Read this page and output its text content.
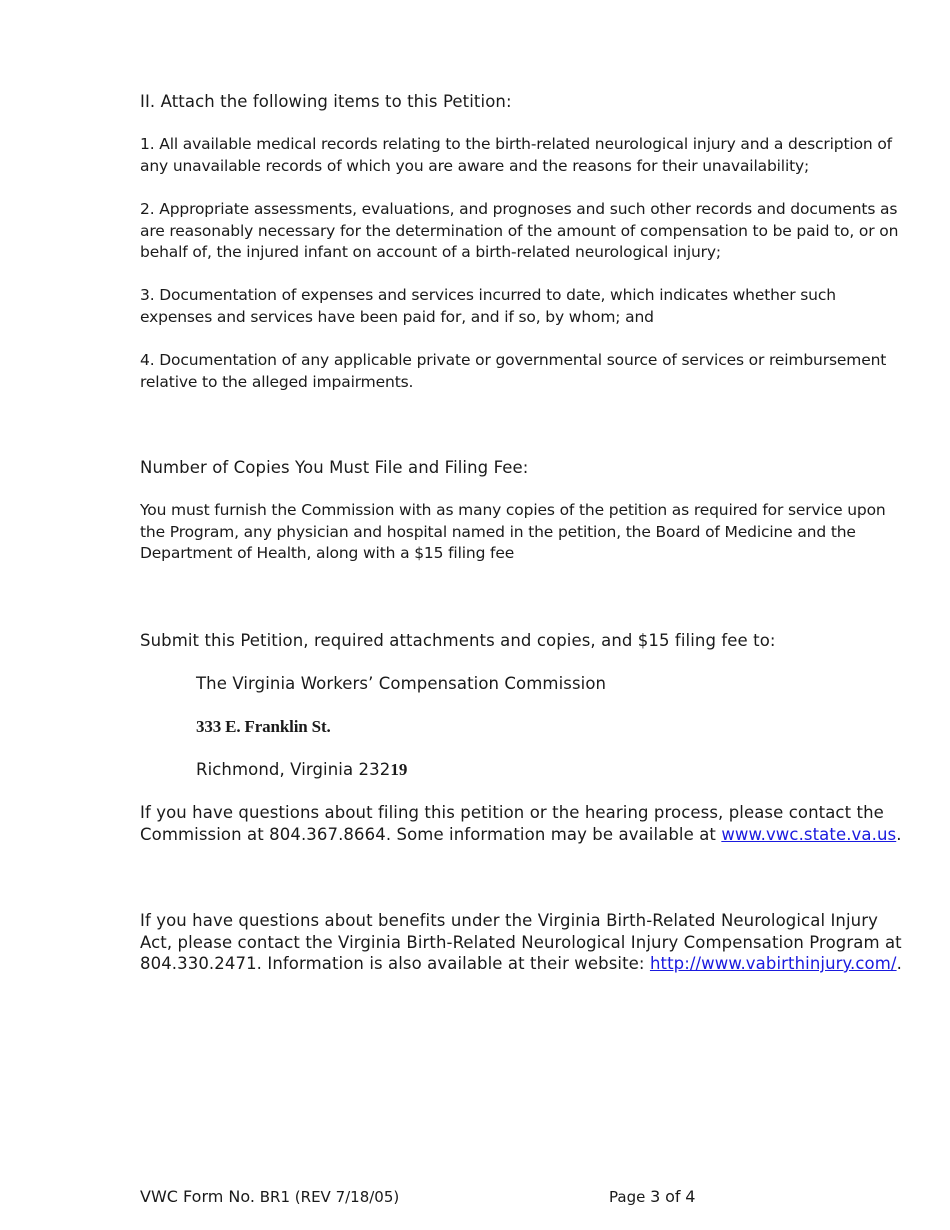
II. Attach the following items to this Petition:

1. All available medical records relating to the birth-related neurological injury and a description of any unavailable records of which you are aware and the reasons for their unavailability;

2. Appropriate assessments, evaluations, and prognoses and such other records and documents as are reasonably necessary for the determination of the amount of compensation to be paid to, or on behalf of, the injured infant on account of a birth-related neurological injury;

3. Documentation of expenses and services incurred to date, which indicates whether such expenses and services have been paid for, and if so, by whom; and

4. Documentation of any applicable private or governmental source of services or reimbursement relative to the alleged impairments.

Number of Copies You Must File and Filing Fee:

You must furnish the Commission with as many copies of the petition as required for service upon the Program, any physician and hospital named in the petition, the Board of Medicine and the Department of Health, along with a $15 filing fee

Submit this Petition, required attachments and copies, and $15 filing fee to:

The Virginia Workers’ Compensation Commission

333 E. Franklin St.

Richmond, Virginia 23219

If you have questions about filing this petition or the hearing process, please contact the Commission at 804.367.8664. Some information may be available at www.vwc.state.va.us.

If you have questions about benefits under the Virginia Birth-Related Neurological Injury Act, please contact the Virginia Birth-Related Neurological Injury Compensation Program at 804.330.2471. Information is also available at their website: http://www.vabirthinjury.com/.

VWC Form No. BR1 (REV 7/18/05)	Page 3 of 4
